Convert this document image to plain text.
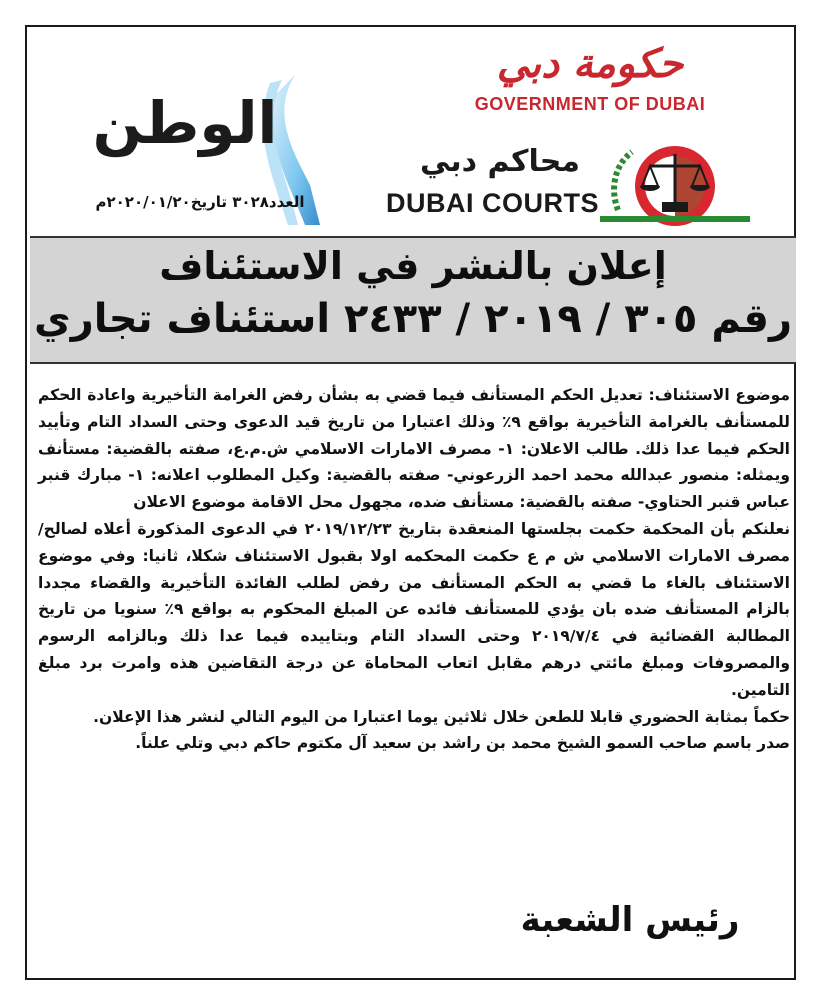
الوطن
العدد٣٠٢٨ تاريخ٢٠٢٠/٠١/٢٠م
حكومة دبي
GOVERNMENT OF DUBAI
محاكم دبي
DUBAI COURTS
إعلان بالنشر في الاستئناف
رقم ٣٠٥ / ٢٠١٩ / ٢٤٣٣ استئناف تجاري

موضوع الاستئناف: تعديل الحكم المستأنف فيما قضي به بشأن رفض الغرامة التأخيرية واعادة الحكم للمستأنف بالغرامة التأخيرية بواقع ٩٪ وذلك اعتبارا من تاريخ قيد الدعوى وحتى السداد التام وتأييد الحكم فيما عدا ذلك. طالب الاعلان: ١- مصرف الامارات الاسلامي ش.م.ع، صفته بالقضية: مستأنف ويمثله: منصور عبدالله محمد احمد الزرعوني- صفته بالقضية: وكيل المطلوب اعلانه: ١- مبارك قنبر عباس قنبر الحتاوي- صفته بالقضية: مستأنف ضده، مجهول محل الاقامة موضوع الاعلان

نعلنكم بأن المحكمة حكمت بجلستها المنعقدة بتاريخ ٢٠١٩/١٢/٢٣ في الدعوى المذكورة أعلاه لصالح/ مصرف الامارات الاسلامي ش م ع حكمت المحكمه اولا بقبول الاستئناف شكلا، ثانيا: وفي موضوع الاستئناف بالغاء ما قضي به الحكم المستأنف من رفض لطلب الفائدة التأخيرية والقضاء مجددا بالزام المستأنف ضده بان يؤدي للمستأنف فائده عن المبلغ المحكوم به بواقع ٩٪ سنويا من تاريخ المطالبة القضائية في ٢٠١٩/٧/٤ وحتى السداد التام وبتاييده فيما عدا ذلك وبالزامه الرسوم والمصروفات ومبلغ مائتي درهم مقابل اتعاب المحاماة عن درجة التقاضين هذه وامرت برد مبلغ التامين.

حكماً بمثابة الحضوري قابلا للطعن خلال ثلاثين يوما اعتبارا من اليوم التالي لنشر هذا الإعلان.

صدر باسم صاحب السمو الشيخ محمد بن راشد بن سعيد آل مكتوم حاكم دبي وتلي علناً.

رئيس الشعبة
